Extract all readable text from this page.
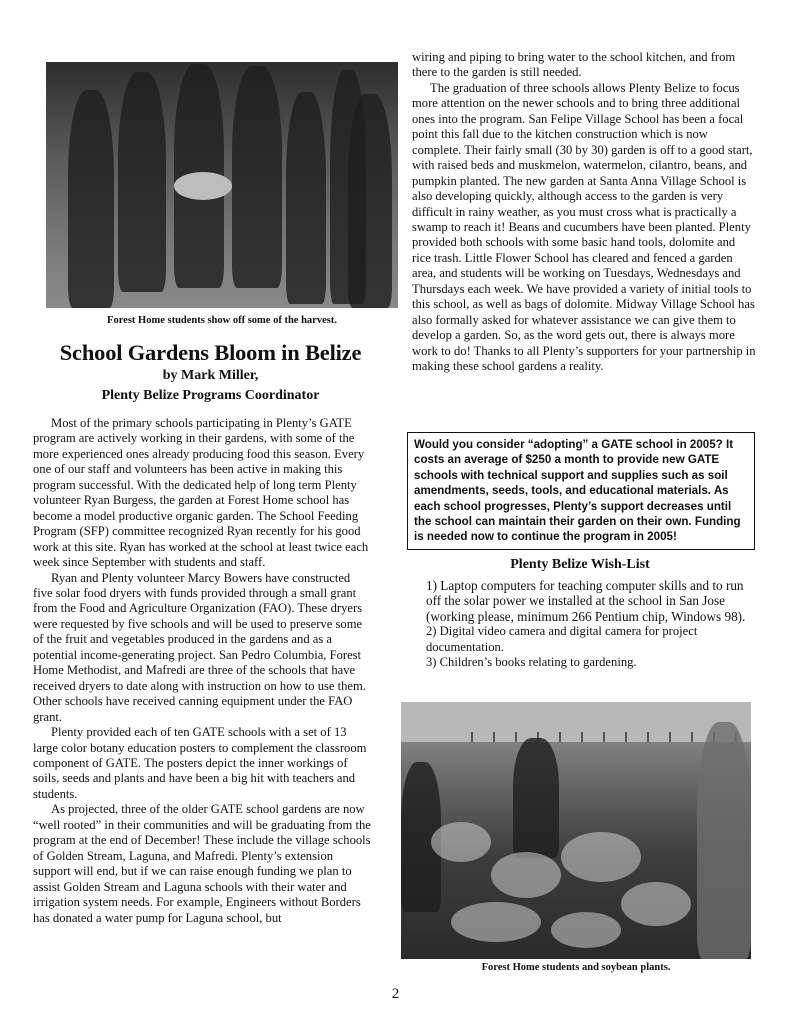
Forest Home students show off some of the harvest.
School Gardens Bloom in Belize
by Mark Miller,
Plenty Belize Programs Coordinator

Most of the primary schools participating in Plenty’s GATE program are actively working in their gardens, with some of the more experienced ones already producing food this season. Every one of our staff and volunteers has been active in making this program successful. With the dedicated help of long term Plenty volunteer Ryan Burgess, the garden at Forest Home school has become a model productive organic garden. The School Feeding Program (SFP) committee recognized Ryan recently for his good work at this site. Ryan has worked at the school at least twice each week since September with students and staff.

Ryan and Plenty volunteer Marcy Bowers have constructed five solar food dryers with funds provided through a small grant from the Food and Agriculture Organization (FAO). These dryers were requested by five schools and will be used to preserve some of the fruit and vegetables produced in the gardens and as a potential income-generating project. San Pedro Columbia, Forest Home Methodist, and Mafredi are three of the schools that have received dryers to date along with instruction on how to use them. Other schools have received canning equipment under the FAO grant.

Plenty provided each of ten GATE schools with a set of 13 large color botany education posters to complement the classroom component of GATE. The posters depict the inner workings of soils, seeds and plants and have been a big hit with teachers and students.

As projected, three of the older GATE school gardens are now “well rooted” in their communities and will be graduating from the program at the end of December! These include the village schools of Golden Stream, Laguna, and Mafredi. Plenty’s extension support will end, but if we can raise enough funding we plan to assist Golden Stream and Laguna schools with their water and irrigation system needs. For example, Engineers without Borders has donated a water pump for Laguna school, but

wiring and piping to bring water to the school kitchen, and from there to the garden is still needed.

The graduation of three schools allows Plenty Belize to focus more attention on the newer schools and to bring three additional ones into the program. San Felipe Village School has been a focal point this fall due to the kitchen construction which is now complete. Their fairly small (30 by 30) garden is off to a good start, with raised beds and muskmelon, watermelon, cilantro, beans, and pumpkin planted. The new garden at Santa Anna Village School is also developing quickly, although access to the garden is very difficult in rainy weather, as you must cross what is practically a swamp to reach it! Beans and cucumbers have been planted. Plenty provided both schools with some basic hand tools, dolomite and rice trash. Little Flower School has cleared and fenced a garden area, and students will be working on Tuesdays, Wednesdays and Thursdays each week. We have provided a variety of initial tools to this school, as well as bags of dolomite. Midway Village School has also formally asked for whatever assistance we can give them to develop a garden. So, as the word gets out, there is always more work to do! Thanks to all Plenty’s supporters for your partnership in making these school gardens a reality.

Would you consider “adopting” a GATE school in 2005? It costs an average of $250 a month to provide new GATE schools with technical support and supplies such as soil amendments, seeds, tools, and educational materials. As each school progresses, Plenty’s support decreases until the school can maintain their garden on their own. Funding is needed now to continue the program in 2005!
Plenty Belize Wish-List
1) Laptop computers for teaching computer skills and to run off the solar power we installed at the school in San Jose (working please, minimum 266 Pentium chip, Windows 98).
2) Digital video camera and digital camera for project documentation.
3) Children’s books relating to gardening.
Forest Home students and soybean plants.
2
